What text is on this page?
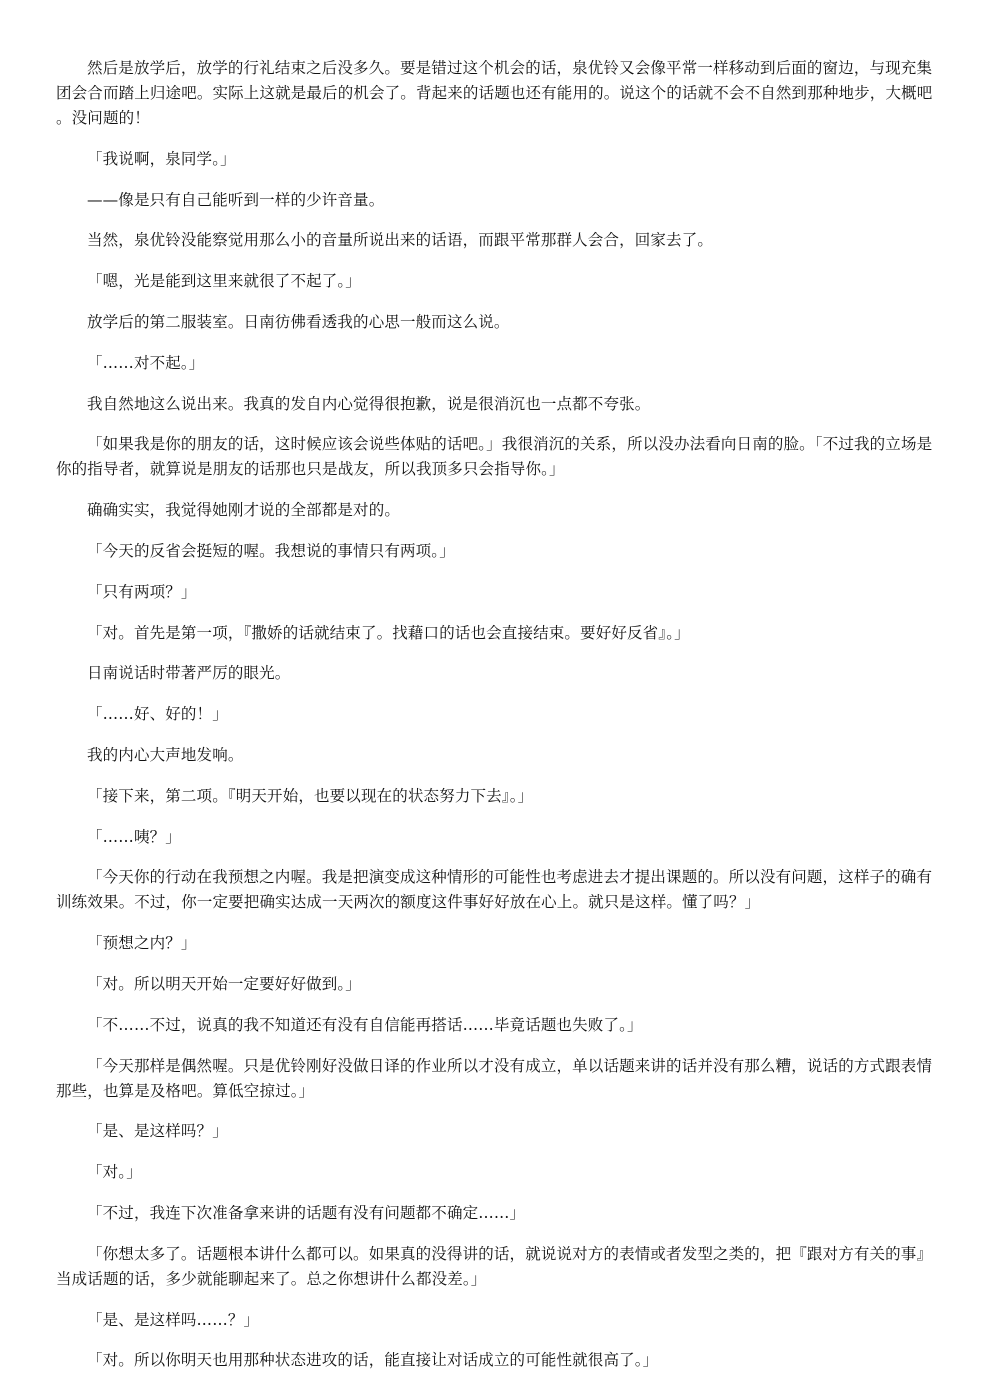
然后是放学后，放学的行礼结束之后没多久。要是错过这个机会的话，泉优铃又会像平常一样移动到后面的窗边，与现充集团会合而踏上归途吧。实际上这就是最后的机会了。背起来的话题也还有能用的。说这个的话就不会不自然到那种地步，大概吧。没问题的！

「我说啊，泉同学。」

——像是只有自己能听到一样的少许音量。

当然，泉优铃没能察觉用那么小的音量所说出来的话语，而跟平常那群人会合，回家去了。

「嗯，光是能到这里来就很了不起了。」

放学后的第二服装室。日南彷佛看透我的心思一般而这么说。

「……对不起。」

我自然地这么说出来。我真的发自内心觉得很抱歉，说是很消沉也一点都不夸张。

「如果我是你的朋友的话，这时候应该会说些体贴的话吧。」我很消沉的关系，所以没办法看向日南的脸。「不过我的立场是你的指导者，就算说是朋友的话那也只是战友，所以我顶多只会指导你。」

确确实实，我觉得她刚才说的全部都是对的。

「今天的反省会挺短的喔。我想说的事情只有两项。」

「只有两项？」

「对。首先是第一项，『撒娇的话就结束了。找藉口的话也会直接结束。要好好反省』。」

日南说话时带著严厉的眼光。

「……好、好的！」

我的内心大声地发响。

「接下来，第二项。『明天开始，也要以现在的状态努力下去』。」

「……咦？」

「今天你的行动在我预想之内喔。我是把演变成这种情形的可能性也考虑进去才提出课题的。所以没有问题，这样子的确有训练效果。不过，你一定要把确实达成一天两次的额度这件事好好放在心上。就只是这样。懂了吗？」

「预想之内？」

「对。所以明天开始一定要好好做到。」

「不……不过，说真的我不知道还有没有自信能再搭话……毕竟话题也失败了。」

「今天那样是偶然喔。只是优铃刚好没做日译的作业所以才没有成立，单以话题来讲的话并没有那么糟，说话的方式跟表情那些，也算是及格吧。算低空掠过。」

「是、是这样吗？」

「对。」

「不过，我连下次准备拿来讲的话题有没有问题都不确定……」

「你想太多了。话题根本讲什么都可以。如果真的没得讲的话，就说说对方的表情或者发型之类的，把『跟对方有关的事』当成话题的话，多少就能聊起来了。总之你想讲什么都没差。」

「是、是这样吗……？」

「对。所以你明天也用那种状态进攻的话，能直接让对话成立的可能性就很高了。」
